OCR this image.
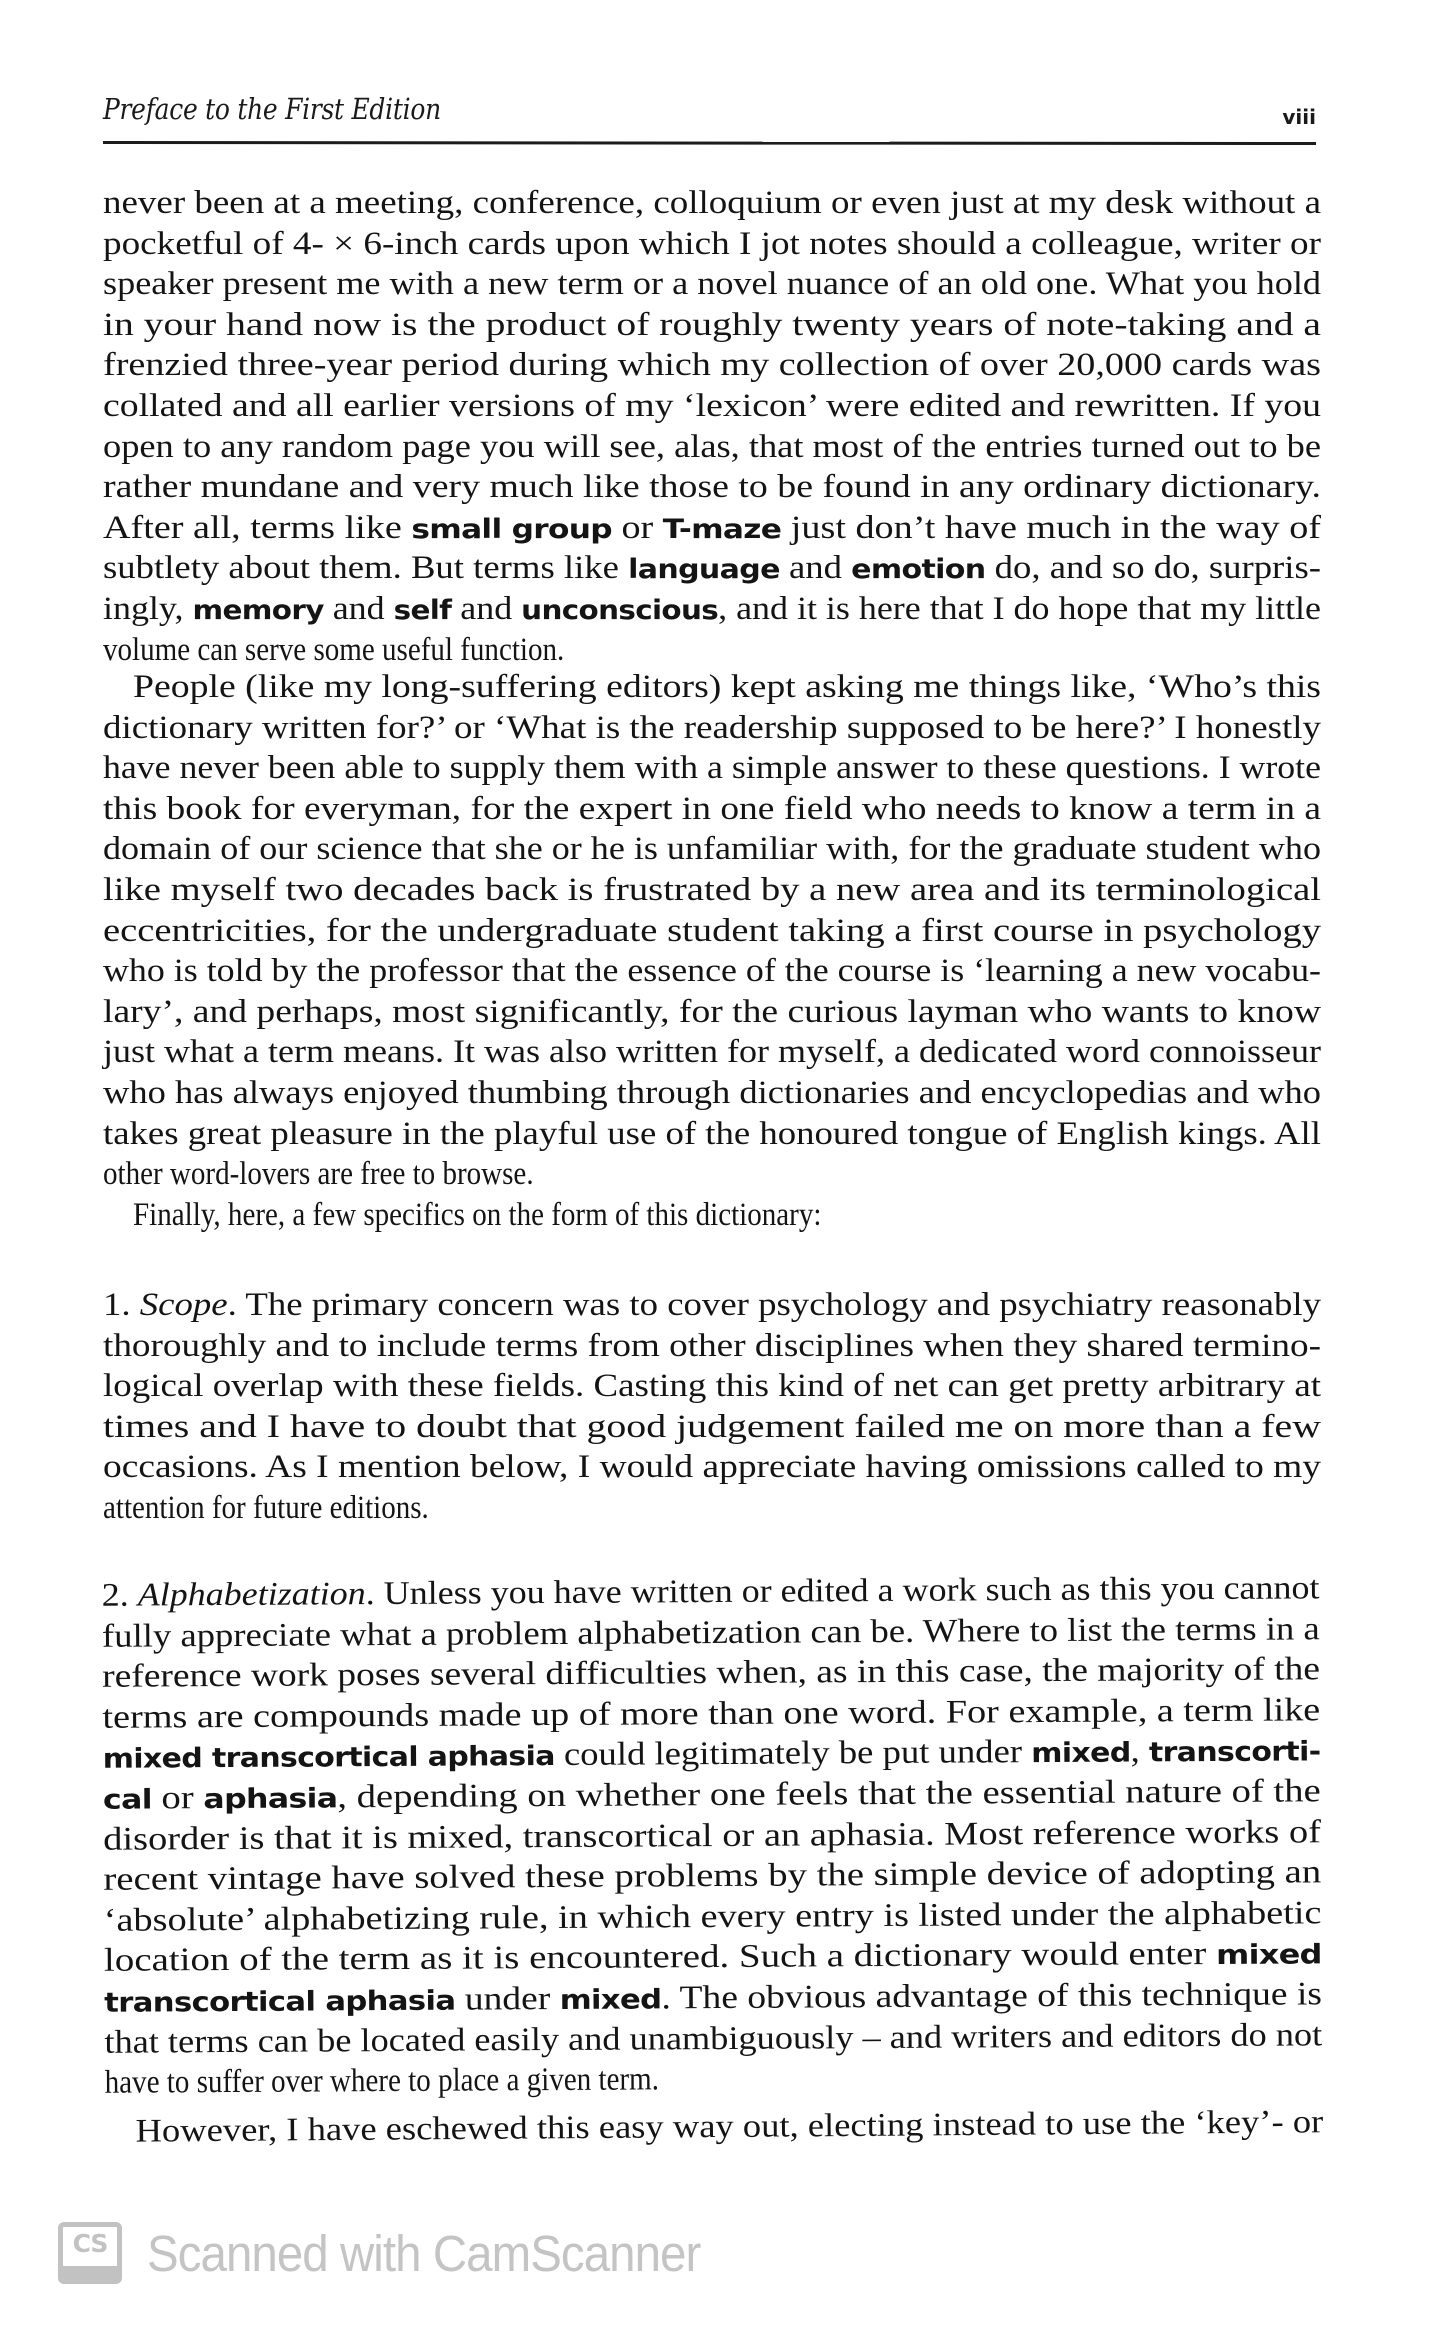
Preface to the First Edition	viii
never been at a meeting, conference, colloquium or even just at my desk without a
pocketful of 4- × 6-inch cards upon which I jot notes should a colleague, writer or
speaker present me with a new term or a novel nuance of an old one. What you hold
in your hand now is the product of roughly twenty years of note-taking and a
frenzied three-year period during which my collection of over 20,000 cards was
collated and all earlier versions of my ‘lexicon’ were edited and rewritten. If you
open to any random page you will see, alas, that most of the entries turned out to be
rather mundane and very much like those to be found in any ordinary dictionary.
After all, terms like small group or T-maze just don’t have much in the way of
subtlety about them. But terms like language and emotion do, and so do, surpris-
ingly, memory and self and unconscious, and it is here that I do hope that my little
volume can serve some useful function.
People (like my long-suffering editors) kept asking me things like, ‘Who’s this
dictionary written for?’ or ‘What is the readership supposed to be here?’ I honestly
have never been able to supply them with a simple answer to these questions. I wrote
this book for everyman, for the expert in one field who needs to know a term in a
domain of our science that she or he is unfamiliar with, for the graduate student who
like myself two decades back is frustrated by a new area and its terminological
eccentricities, for the undergraduate student taking a first course in psychology
who is told by the professor that the essence of the course is ‘learning a new vocabu-
lary’, and perhaps, most significantly, for the curious layman who wants to know
just what a term means. It was also written for myself, a dedicated word connoisseur
who has always enjoyed thumbing through dictionaries and encyclopedias and who
takes great pleasure in the playful use of the honoured tongue of English kings. All
other word-lovers are free to browse.
Finally, here, a few specifics on the form of this dictionary:
1. Scope. The primary concern was to cover psychology and psychiatry reasonably
thoroughly and to include terms from other disciplines when they shared termino-
logical overlap with these fields. Casting this kind of net can get pretty arbitrary at
times and I have to doubt that good judgement failed me on more than a few
occasions. As I mention below, I would appreciate having omissions called to my
attention for future editions.
2. Alphabetization. Unless you have written or edited a work such as this you cannot
fully appreciate what a problem alphabetization can be. Where to list the terms in a
reference work poses several difficulties when, as in this case, the majority of the
terms are compounds made up of more than one word. For example, a term like
mixed transcortical aphasia could legitimately be put under mixed, transcorti-
cal or aphasia, depending on whether one feels that the essential nature of the
disorder is that it is mixed, transcortical or an aphasia. Most reference works of
recent vintage have solved these problems by the simple device of adopting an
‘absolute’ alphabetizing rule, in which every entry is listed under the alphabetic
location of the term as it is encountered. Such a dictionary would enter mixed
transcortical aphasia under mixed. The obvious advantage of this technique is
that terms can be located easily and unambiguously – and writers and editors do not
have to suffer over where to place a given term.
However, I have eschewed this easy way out, electing instead to use the ‘key’- or
CS Scanned with CamScanner
